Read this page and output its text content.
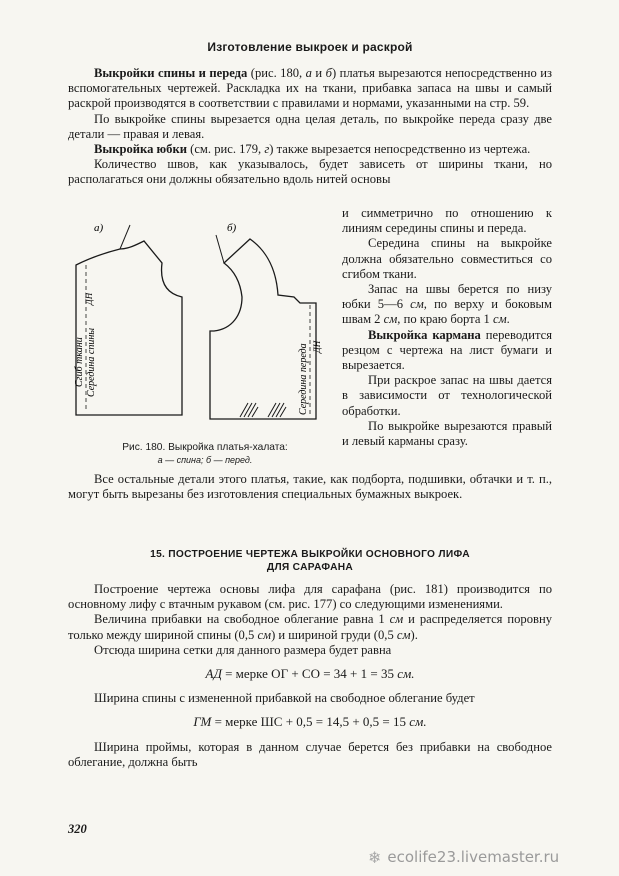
Изготовление выкроек и раскрой

Выкройки спины и переда (рис. 180, а и б) платья вырезаются непосредственно из вспомогательных чертежей. Раскладка их на ткани, прибавка запаса на швы и самый раскрой производятся в соответствии с правилами и нормами, указанными на стр. 59.

По выкройке спины вырезается одна целая деталь, по выкройке переда сразу две детали — правая и левая.

Выкройка юбки (см. рис. 179, г) также вырезается непосредственно из чертежа.

Количество швов, как указывалось, будет зависеть от ширины ткани, но располагаться они должны обязательно вдоль нитей основы

а)	б)
Сгиб ткани Середина спины
ДН
Середина переда ДН

и симметрично по отношению к линиям середины спины и переда.

Середина спины на выкройке должна обязательно совместиться со сгибом ткани.

Запас на швы берется по низу юбки 5—6 см, по верху и боковым швам 2 см, по краю борта 1 см.

Выкройка кармана переводится резцом с чертежа на лист бумаги и вырезается.

При раскрое запас на швы дается в зависимости от технологической обработки.

По выкройке вырезаются правый и левый карманы сразу.

Рис. 180. Выкройка платья-халата:
а — спина; б — перед.

Все остальные детали этого платья, такие, как подборта, подшивки, обтачки и т. п., могут быть вырезаны без изготовления специальных бумажных выкроек.

15. ПОСТРОЕНИЕ ЧЕРТЕЖА ВЫКРОЙКИ ОСНОВНОГО ЛИФА
ДЛЯ САРАФАНА

Построение чертежа основы лифа для сарафана (рис. 181) производится по основному лифу с втачным рукавом (см. рис. 177) со следующими изменениями.

Величина прибавки на свободное облегание равна 1 см и распределяется поровну только между шириной спины (0,5 см) и шириной груди (0,5 см).

Отсюда ширина сетки для данного размера будет равна

АД = мерке ОГ + СО = 34 + 1 = 35 см.

Ширина спины с измененной прибавкой на свободное облегание будет

ГМ = мерке ШС + 0,5 = 14,5 + 0,5 = 15 см.

Ширина проймы, которая в данном случае берется без прибавки на свободное облегание, должна быть

320
❄ ecolife23.livemaster.ru
